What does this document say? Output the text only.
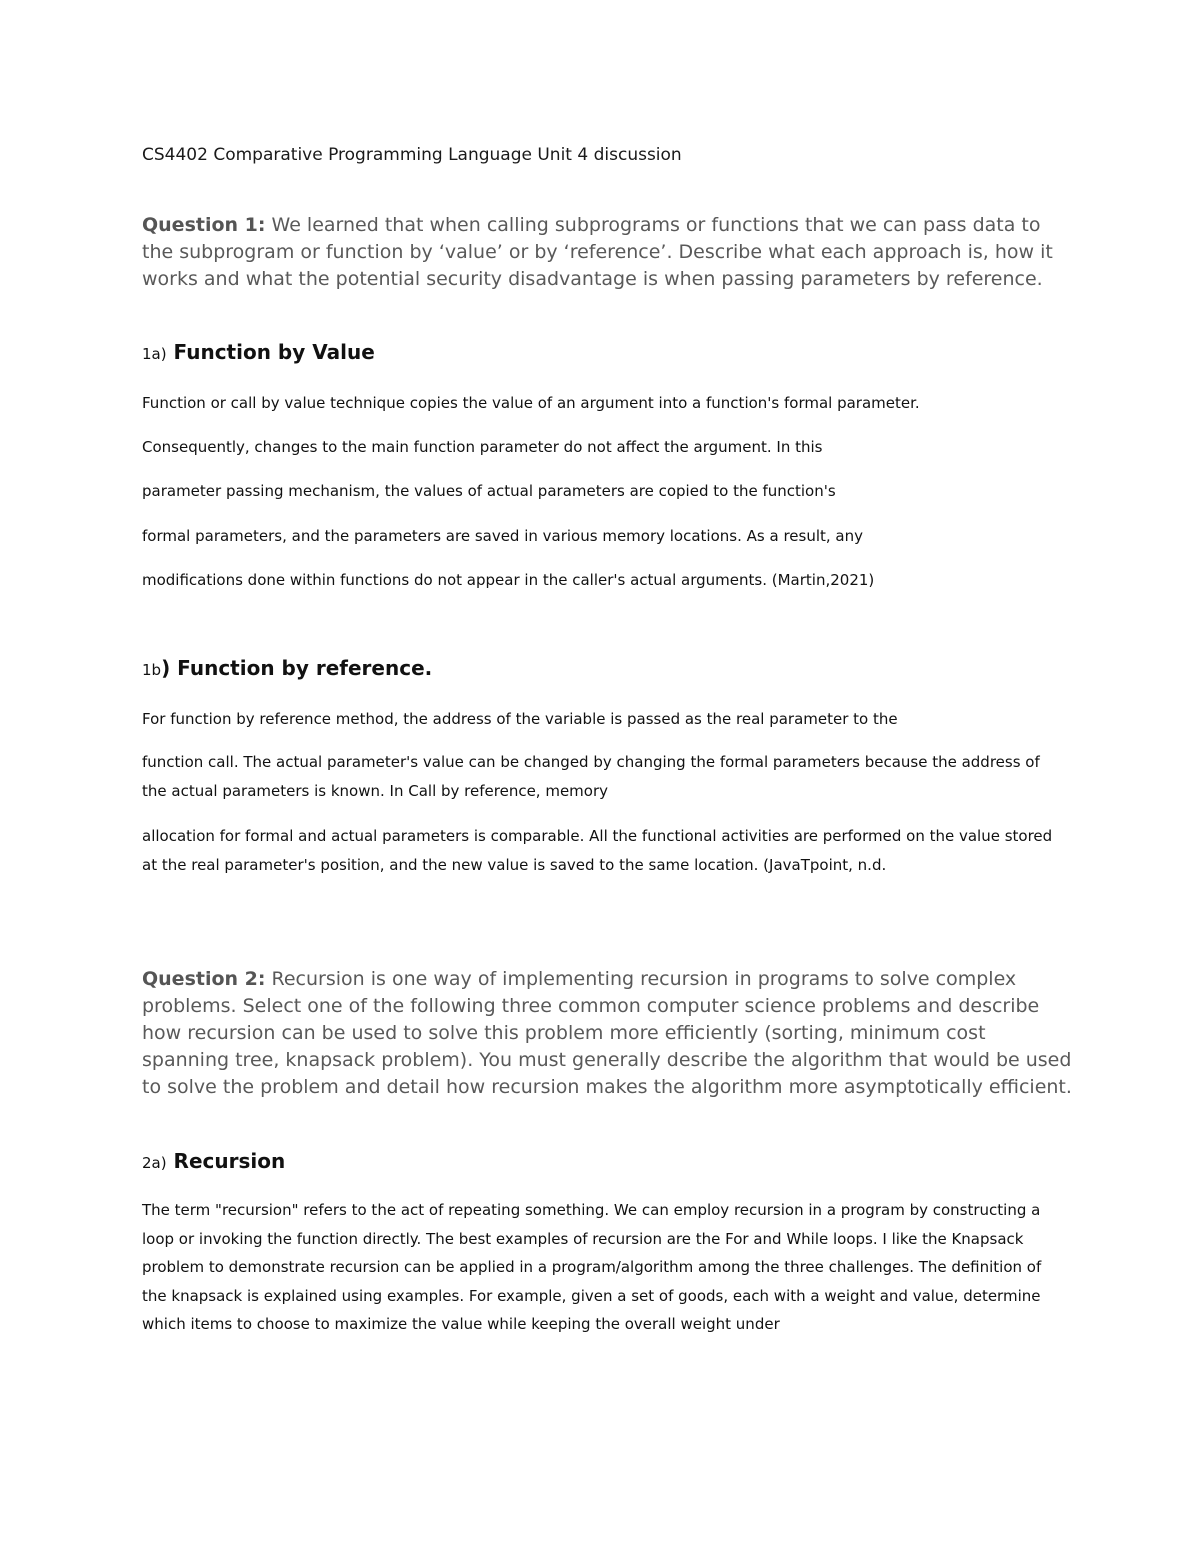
CS4402 Comparative Programming Language Unit 4 discussion

Question 1: We learned that when calling subprograms or functions that we can pass data to the subprogram or function by ‘value’ or by ‘reference’. Describe what each approach is, how it works and what the potential security disadvantage is when passing parameters by reference.

1a) Function by Value

Function or call by value technique copies the value of an argument into a function's formal parameter.

Consequently, changes to the main function parameter do not affect the argument. In this

parameter passing mechanism, the values of actual parameters are copied to the function's

formal parameters, and the parameters are saved in various memory locations. As a result, any

modifications done within functions do not appear in the caller's actual arguments. (Martin,2021)

1b) Function by reference.

For function by reference method, the address of the variable is passed as the real parameter to the

function call. The actual parameter's value can be changed by changing the formal parameters because the address of the actual parameters is known. In Call by reference, memory

allocation for formal and actual parameters is comparable. All the functional activities are performed on the value stored at the real parameter's position, and the new value is saved to the same location. (JavaTpoint, n.d.

Question 2: Recursion is one way of implementing recursion in programs to solve complex problems. Select one of the following three common computer science problems and describe how recursion can be used to solve this problem more efficiently (sorting, minimum cost spanning tree, knapsack problem). You must generally describe the algorithm that would be used to solve the problem and detail how recursion makes the algorithm more asymptotically efficient.

2a) Recursion

The term "recursion" refers to the act of repeating something. We can employ recursion in a program by constructing a loop or invoking the function directly. The best examples of recursion are the For and While loops. I like the Knapsack problem to demonstrate recursion can be applied in a program/algorithm among the three challenges. The definition of the knapsack is explained using examples. For example, given a set of goods, each with a weight and value, determine which items to choose to maximize the value while keeping the overall weight under
